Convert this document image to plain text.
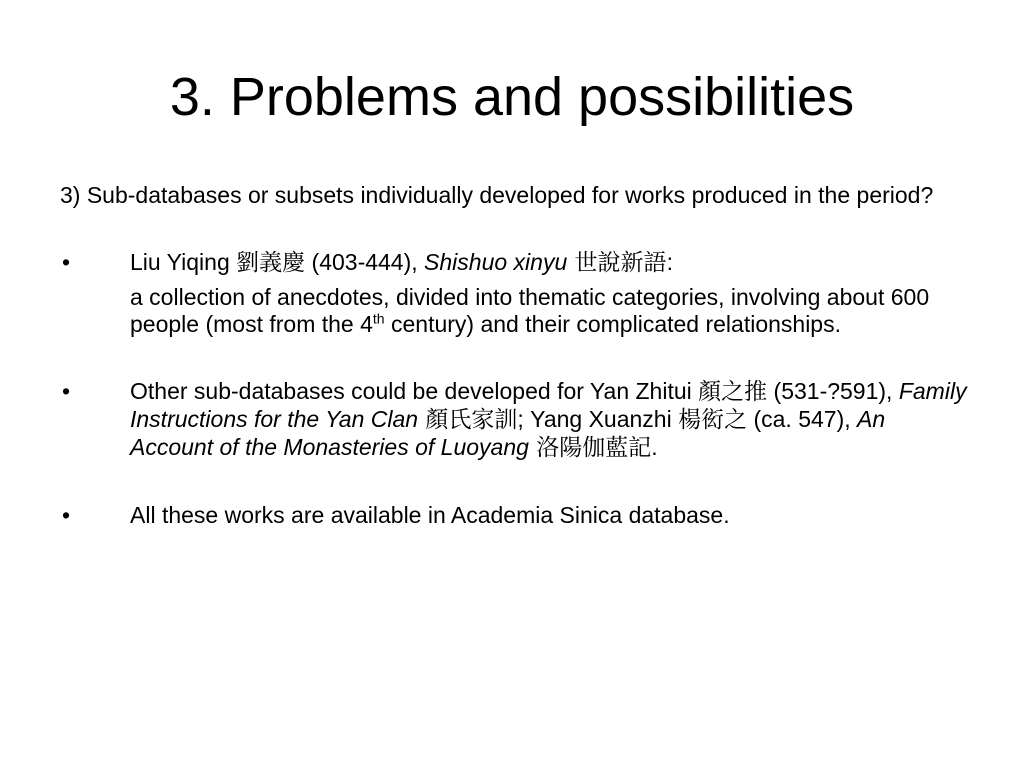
3. Problems and possibilities

3) Sub-databases or subsets individually developed for works produced in the period?

•	Liu Yiqing 劉義慶 (403-444), Shishuo xinyu 世說新語:
a collection of anecdotes, divided into thematic categories, involving about 600 people (most from the 4th century) and their complicated relationships.
•	Other sub-databases could be developed for Yan Zhitui 顏之推 (531-?591), Family Instructions for the Yan Clan 顏氏家訓; Yang Xuanzhi 楊衒之 (ca. 547), An Account of the Monasteries of Luoyang 洛陽伽藍記.
•	All these works are available in Academia Sinica database.
